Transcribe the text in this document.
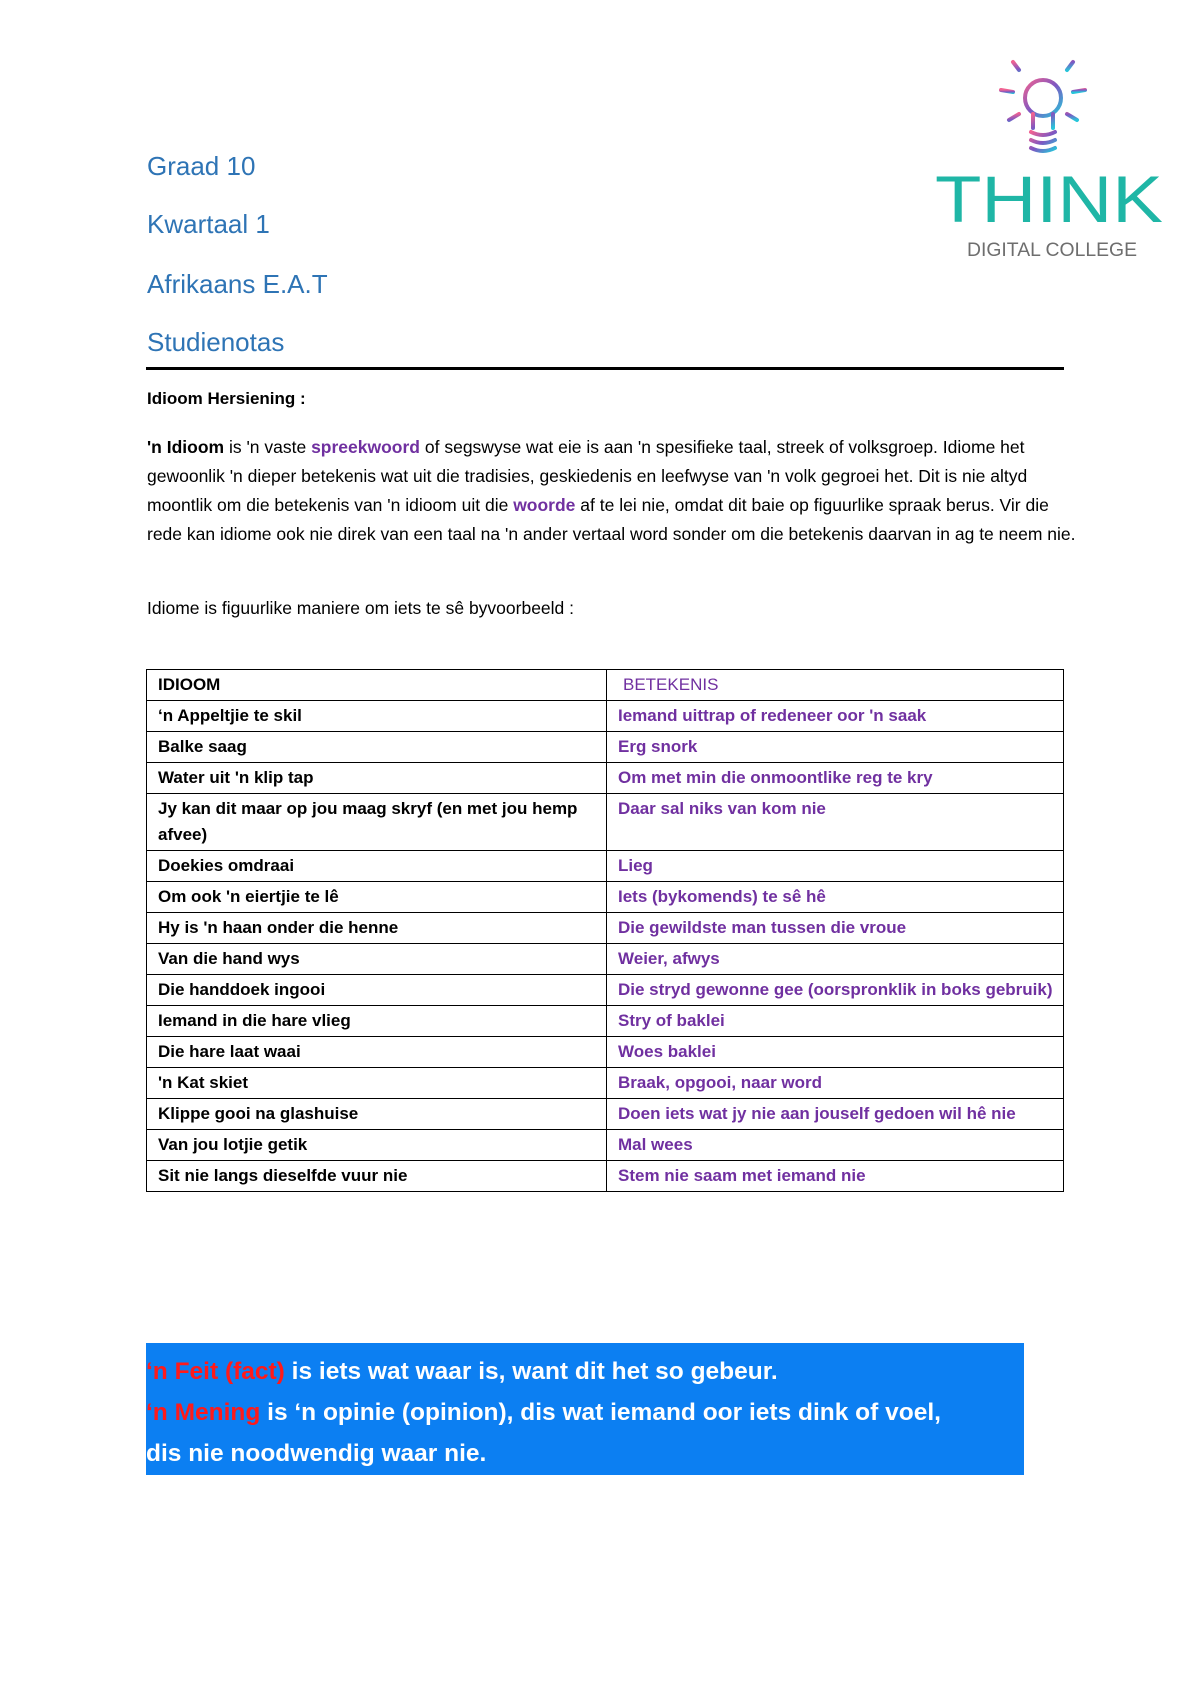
Graad 10

Kwartaal 1

Afrikaans E.A.T

Studienotas

THINK
DIGITAL COLLEGE
Idioom Hersiening :
'n Idioom is 'n vaste spreekwoord of segswyse wat eie is aan 'n spesifieke taal, streek of volksgroep. Idiome het gewoonlik 'n dieper betekenis wat uit die tradisies, geskiedenis en leefwyse van 'n volk gegroei het. Dit is nie altyd moontlik om die betekenis van 'n idioom uit die woorde af te lei nie, omdat dit baie op figuurlike spraak berus. Vir die rede kan idiome ook nie direk van een taal na 'n ander vertaal word sonder om die betekenis daarvan in ag te neem nie.
Idiome is figuurlike maniere om iets te sê byvoorbeeld :
IDIOOM	BETEKENIS
‘n Appeltjie te skil	Iemand uittrap of redeneer oor 'n saak
Balke saag	Erg snork
Water uit 'n klip tap	Om met min die onmoontlike reg te kry
Jy kan dit maar op jou maag skryf (en met jou hemp afvee)	Daar sal niks van kom nie
Doekies omdraai	Lieg
Om ook 'n eiertjie te lê	Iets (bykomends) te sê hê
Hy is 'n haan onder die henne	Die gewildste man tussen die vroue
Van die hand wys	Weier, afwys
Die handdoek ingooi	Die stryd gewonne gee (oorspronklik in boks gebruik)
Iemand in die hare vlieg	Stry of baklei
Die hare laat waai	Woes baklei
'n Kat skiet	Braak, opgooi, naar word
Klippe gooi na glashuise	Doen iets wat jy nie aan jouself gedoen wil hê nie
Van jou lotjie getik	Mal wees
Sit nie langs dieselfde vuur nie	Stem nie saam met iemand nie
‘n Feit (fact) is iets wat waar is, want dit het so gebeur.
‘n Mening is ‘n opinie (opinion), dis wat iemand oor iets dink of voel,
dis nie noodwendig waar nie.
